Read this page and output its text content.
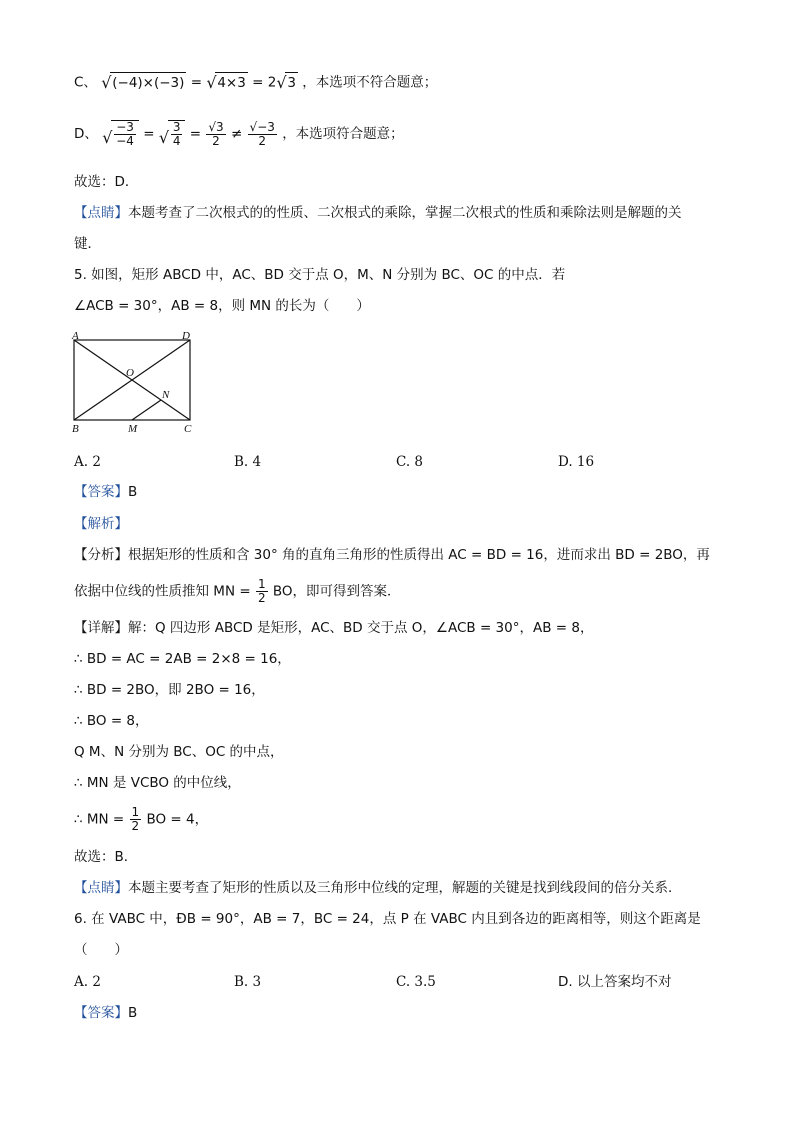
C、 √ (−4)×(−3) = √ 4×3 = 2 √ 3 ，本选项不符合题意；
D、 √ $\frac{-3}{-4}$ = √ $\frac{3}{4} = \frac{√3}{2} \ne \frac{√-3}{2}$ ，本选项符合题意；
故选：D．
【点睛】本题考查了二次根式的的性质、二次根式的乘除，掌握二次根式的性质和乘除法则是解题的关
键．
5. 如图，矩形 ABCD 中，AC、BD 交于点 O，M、N 分别为 BC、OC 的中点．若
∠ACB = 30°，AB = 8，则 MN 的长为（　　）
A	D
O
N
B	M	C
A. 2	B. 4	C. 8	D. 16
【答案】B
【解析】
【分析】根据矩形的性质和含 30° 角的直角三角形的性质得出 AC = BD = 16，进而求出 BD = 2BO，再
依据中位线的性质推知 MN = $\frac{1}{2}$ BO，即可得到答案．
【详解】解：Q 四边形 ABCD 是矩形，AC、BD 交于点 O，∠ACB = 30°，AB = 8，
∴ BD = AC = 2AB = 2×8 = 16，
∴ BD = 2BO，即 2BO = 16，
∴ BO = 8，
Q M、N 分别为 BC、OC 的中点，
∴ MN 是 VCBO 的中位线，
∴ MN = $\frac{1}{2}$ BO = 4，
故选：B．
【点睛】本题主要考查了矩形的性质以及三角形中位线的定理，解题的关键是找到线段间的倍分关系．
6. 在 VABC 中，ÐB = 90°，AB = 7，BC = 24，点 P 在 VABC 内且到各边的距离相等，则这个距离是
（　　）
A. 2	B. 3	C. 3.5	D. 以上答案均不对
【答案】B
